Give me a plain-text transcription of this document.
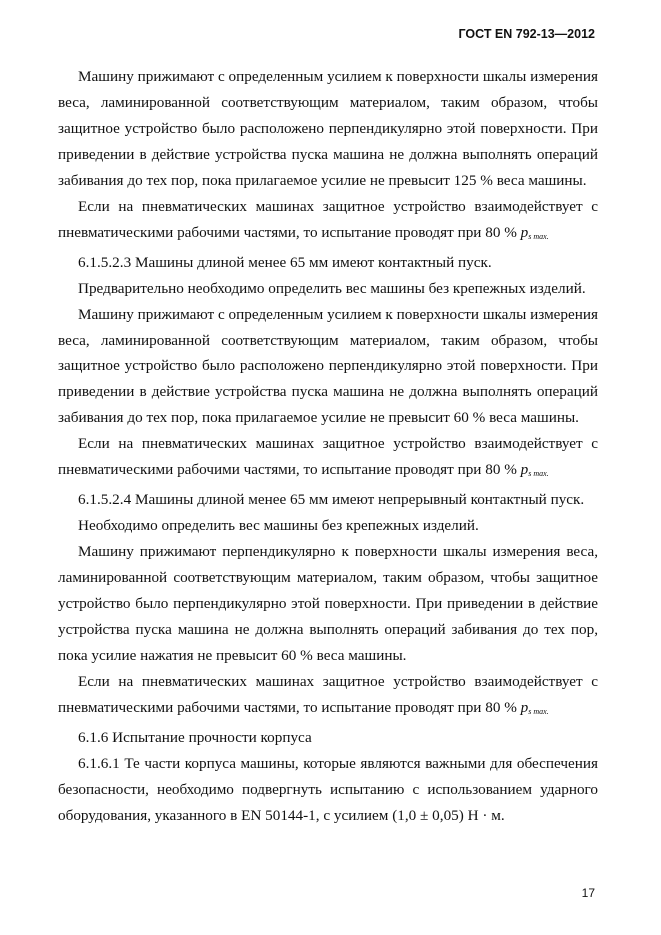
ГОСТ EN 792-13—2012

Машину прижимают с определенным усилием к поверхности шкалы измерения веса, ламинированной соответствующим материалом, таким образом, чтобы защитное устройство было расположено перпендикулярно этой поверхности. При приведении в действие устройства пуска машина не должна выполнять операций забивания до тех пор, пока прилагаемое усилие не превысит 125 % веса машины.

Если на пневматических машинах защитное устройство взаимодействует с пневматическими рабочими частями, то испытание проводят при 80 % ps max.

6.1.5.2.3 Машины длиной менее 65 мм имеют контактный пуск.

Предварительно необходимо определить вес машины без крепежных изделий.

Машину прижимают с определенным усилием к поверхности шкалы измерения веса, ламинированной соответствующим материалом, таким образом, чтобы защитное устройство было расположено перпендикулярно этой поверхности. При приведении в действие устройства пуска машина не должна выполнять операций забивания до тех пор, пока прилагаемое усилие не превысит 60 % веса машины.

Если на пневматических машинах защитное устройство взаимодействует с пневматическими рабочими частями, то испытание проводят при 80 % ps max.

6.1.5.2.4 Машины длиной менее 65 мм имеют непрерывный контактный пуск.

Необходимо определить вес машины без крепежных изделий.

Машину прижимают перпендикулярно к поверхности шкалы измерения веса, ламинированной соответствующим материалом, таким образом, чтобы защитное устройство было перпендикулярно этой поверхности. При приведении в действие устройства пуска машина не должна выполнять операций забивания до тех пор, пока усилие нажатия не превысит 60 % веса машины.

Если на пневматических машинах защитное устройство взаимодействует с пневматическими рабочими частями, то испытание проводят при 80 % ps max.

6.1.6 Испытание прочности корпуса

6.1.6.1 Те части корпуса машины, которые являются важными для обеспечения безопасности, необходимо подвергнуть испытанию с использованием ударного оборудования, указанного в EN 50144-1, с усилием (1,0 ± 0,05) Н · м.

17
